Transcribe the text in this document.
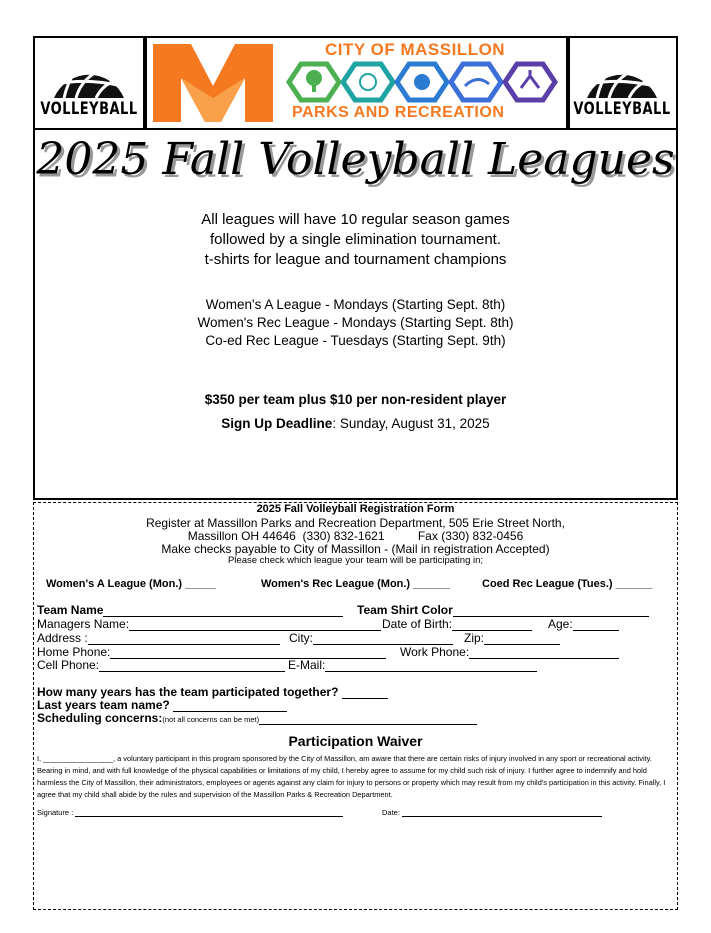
VOLLEYBALL
CITY OF MASSILLON
PARKS AND RECREATION	VOLLEYBALL
2025 Fall Volleyball Leagues
All leagues will have 10 regular season games
followed by a single elimination tournament.
t-shirts for league and tournament champions
Women's A League - Mondays (Starting Sept. 8th)
Women's Rec League - Mondays (Starting Sept. 8th)
Co-ed Rec League - Tuesdays (Starting Sept. 9th)
$350 per team plus $10 per non-resident player
Sign Up Deadline: Sunday, August 31, 2025
2025 Fall Volleyball Registration Form
Register at Massillon Parks and Recreation Department, 505 Erie Street North,
Massillon OH 44646  (330) 832-1621          Fax (330) 832-0456
Make checks payable to City of Massillon - (Mail in registration Accepted)
Please check which league your team will be participating in;
Women's A League (Mon.) _____	Women's Rec League (Mon.) ______	Coed Rec League (Tues.) ______
Team Name	Team Shirt Color
Managers Name:	Date of Birth:	Age:
Address :	City:	Zip:
Home Phone:	Work Phone:
Cell Phone:	E-Mail:
How many years has the team participated together?
Last years team name?
Scheduling concerns:(not all concerns can be met)
Participation Waiver
I, _________________, a voluntary participant in this program sponsored by the City of Massillon, am aware that there are certain risks of injury involved in any sport or recreational activity. Bearing in mind, and with full knowledge of the physical capabilities or limitations of my child, I hereby agree to assume for my child such risk of injury. I further agree to indemnify and hold harmless the City of Massillon, their administrators, employees or agents against any claim for injury to persons or property which may result from my child's participation in this activity. Finally, I agree that my child shall abide by the rules and supervision of the Massillon Parks & Recreation Department.
Signature :	Date:
